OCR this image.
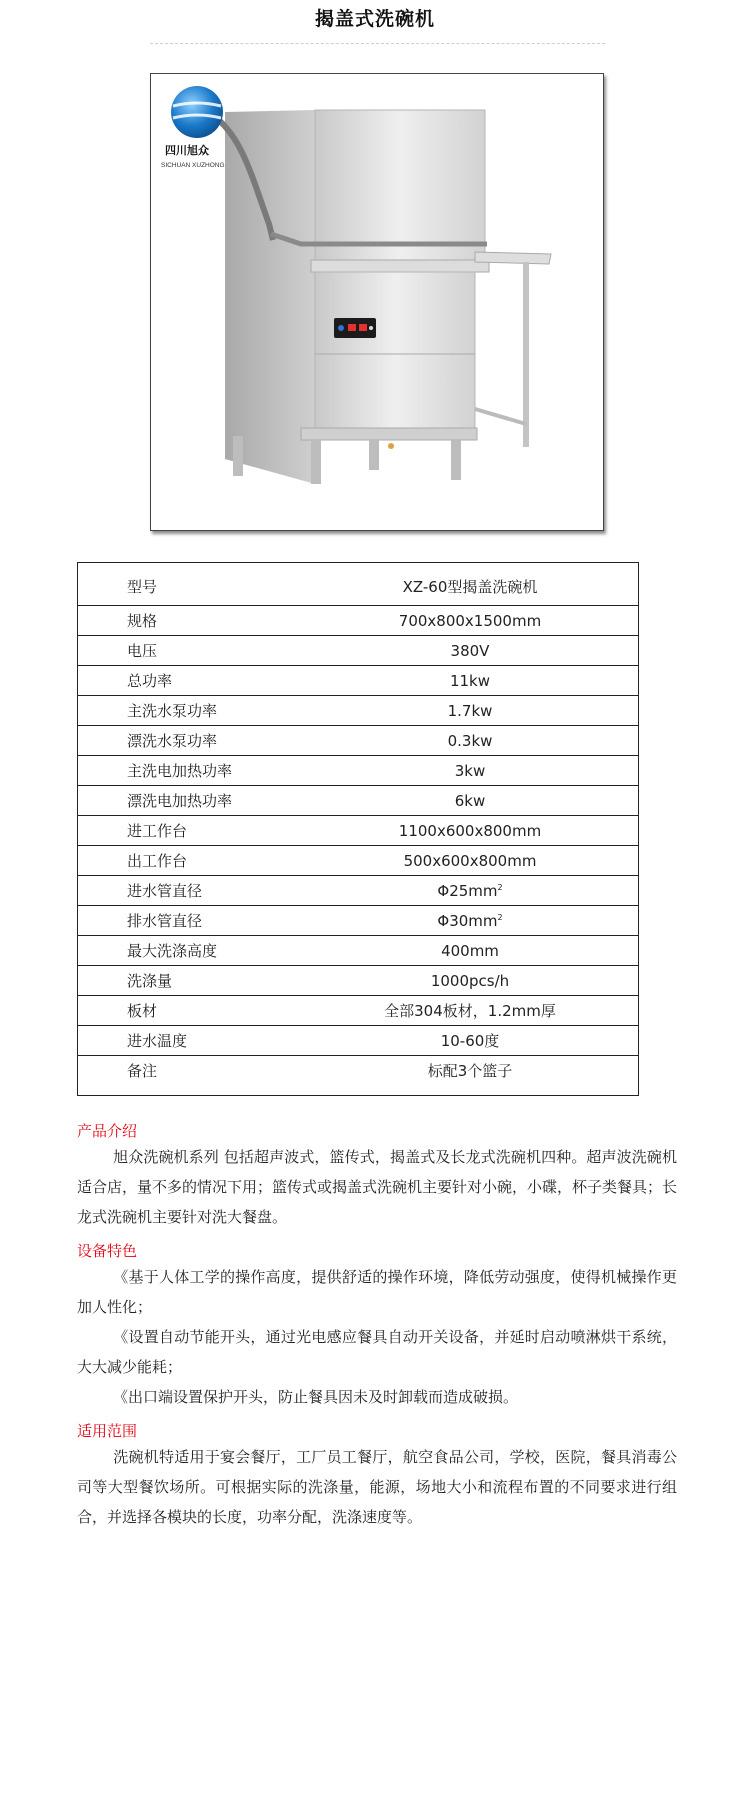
揭盖式洗碗机
四川旭众
SICHUAN XUZHONG
型号	XZ-60型揭盖洗碗机
规格	700x800x1500mm
电压	380V
总功率	11kw
主洗水泵功率	1.7kw
漂洗水泵功率	0.3kw
主洗电加热功率	3kw
漂洗电加热功率	6kw
进工作台	1100x600x800mm
出工作台	500x600x800mm
进水管直径	$\Phi 25mm^2$
排水管直径	$\Phi 30mm^2$
最大洗涤高度	400mm
洗涤量	1000pcs/h
板材	全部304板材，1.2mm厚
进水温度	10-60度
备注	标配3个篮子
产品介绍
旭众洗碗机系列 包括超声波式，篮传式，揭盖式及长龙式洗碗机四种。超声波洗碗机适合店，量不多的情况下用；篮传式或揭盖式洗碗机主要针对小碗，小碟，杯子类餐具；长龙式洗碗机主要针对洗大餐盘。
设备特色
《基于人体工学的操作高度，提供舒适的操作环境，降低劳动强度，使得机械操作更加人性化；
《设置自动节能开头，通过光电感应餐具自动开关设备，并延时启动喷淋烘干系统，大大减少能耗；
《出口端设置保护开头，防止餐具因未及时卸载而造成破损。
适用范围
洗碗机特适用于宴会餐厅，工厂员工餐厅，航空食品公司，学校，医院，餐具消毒公司等大型餐饮场所。可根据实际的洗涤量，能源，场地大小和流程布置的不同要求进行组合，并选择各模块的长度，功率分配，洗涤速度等。
